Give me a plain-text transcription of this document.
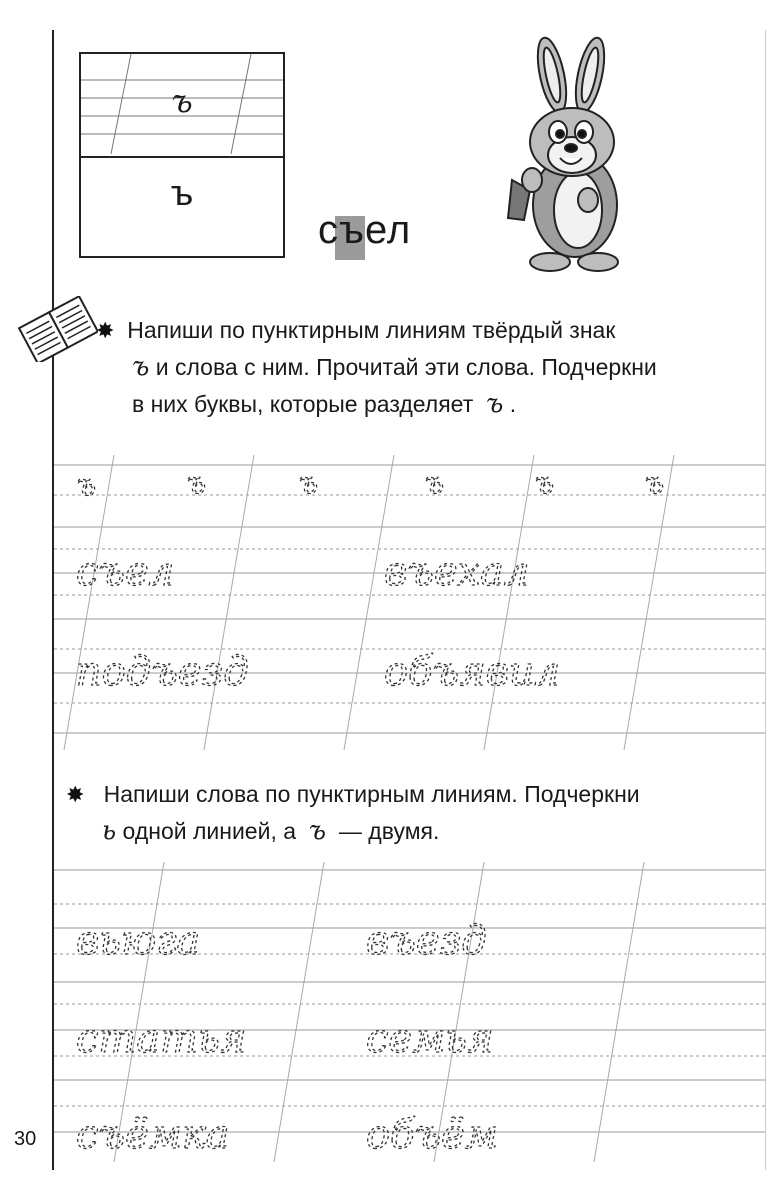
ъ
ъ
съел
✸ Напиши по пунктирным линиям твёрдый знак
ъ и слова с ним. Прочитай эти слова. Подчеркни
в них буквы, которые разделяет ъ .
ъ	ъ	ъ	ъ	ъ	ъ
съел	въехал
подъезд	объявил
✸ Напиши слова по пунктирным линиям. Подчеркни
ь одной линией, а ъ — двумя.
вьюга	въезд
статья	семья
съёмка	объём
30
